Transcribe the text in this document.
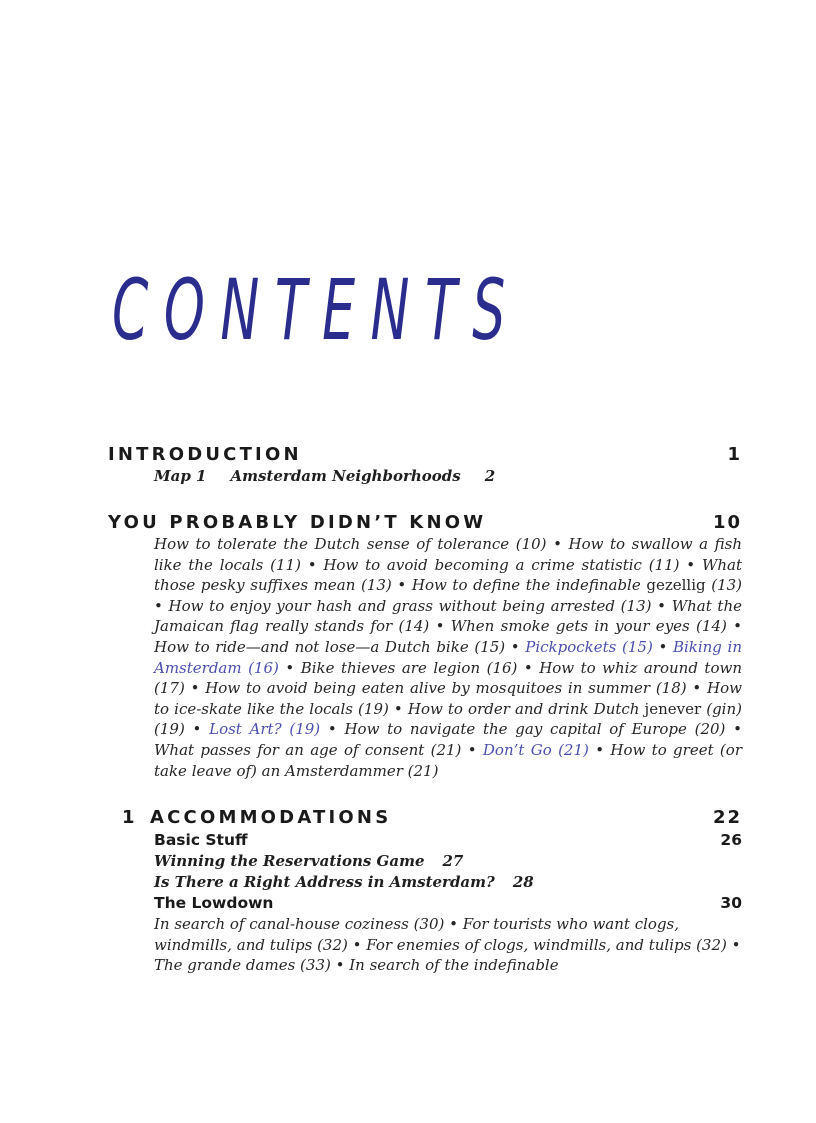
CONTENTS
INTRODUCTION	1
Map 1 Amsterdam Neighborhoods 2
YOU PROBABLY DIDN’T KNOW	10
How to tolerate the Dutch sense of tolerance (10) • How to swallow a fish like the locals (11) • How to avoid becoming a crime statistic (11) • What those pesky suffixes mean (13) • How to define the indefinable gezellig (13) • How to enjoy your hash and grass without being arrested (13) • What the Jamaican flag really stands for (14) • When smoke gets in your eyes (14) • How to ride—and not lose—a Dutch bike (15) • Pickpockets (15) • Biking in Amsterdam (16) • Bike thieves are legion (16) • How to whiz around town (17) • How to avoid being eaten alive by mosquitoes in summer (18) • How to ice-skate like the locals (19) • How to order and drink Dutch jenever (gin) (19) • Lost Art? (19) • How to navigate the gay capital of Europe (20) • What passes for an age of consent (21) • Don’t Go (21) • How to greet (or take leave of) an Amsterdammer (21)
1 ACCOMMODATIONS	22
Basic Stuff	26
Winning the Reservations Game 27
Is There a Right Address in Amsterdam? 28
The Lowdown	30
In search of canal-house coziness (30) • For tourists who want clogs, windmills, and tulips (32) • For enemies of clogs, windmills, and tulips (32) • The grande dames (33) • In search of the indefinable
